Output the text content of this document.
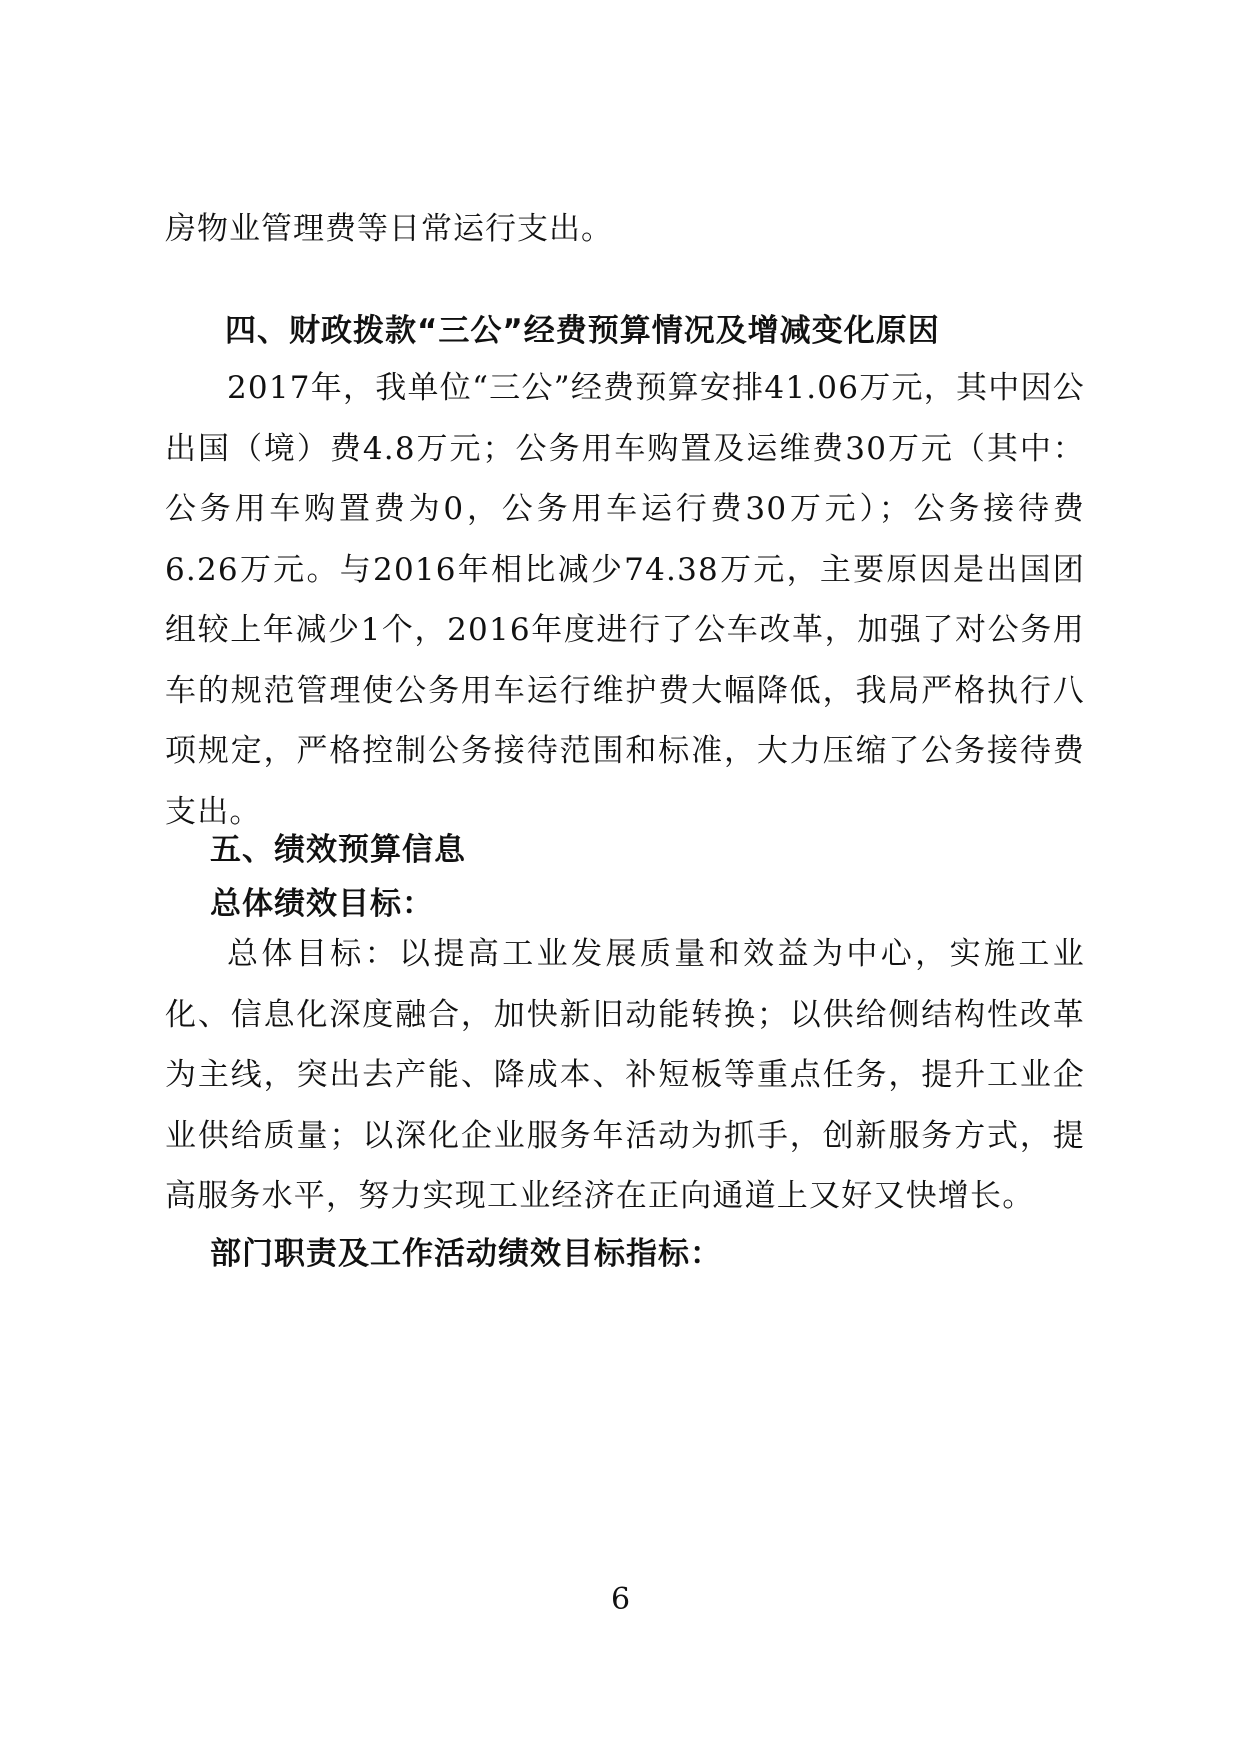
房物业管理费等日常运行支出。
四、财政拨款“三公”经费预算情况及增减变化原因

2017年，我单位“三公”经费预算安排41.06万元，其中因公出国（境）费4.8万元；公务用车购置及运维费30万元（其中：公务用车购置费为0，公务用车运行费30万元）；公务接待费6.26万元。与2016年相比减少74.38万元，主要原因是出国团组较上年减少1个，2016年度进行了公车改革，加强了对公务用车的规范管理使公务用车运行维护费大幅降低，我局严格执行八项规定，严格控制公务接待范围和标准，大力压缩了公务接待费支出。

五、绩效预算信息
总体绩效目标：

总体目标：以提高工业发展质量和效益为中心，实施工业化、信息化深度融合，加快新旧动能转换；以供给侧结构性改革为主线，突出去产能、降成本、补短板等重点任务，提升工业企业供给质量；以深化企业服务年活动为抓手，创新服务方式，提高服务水平，努力实现工业经济在正向通道上又好又快增长。

部门职责及工作活动绩效目标指标：
6
